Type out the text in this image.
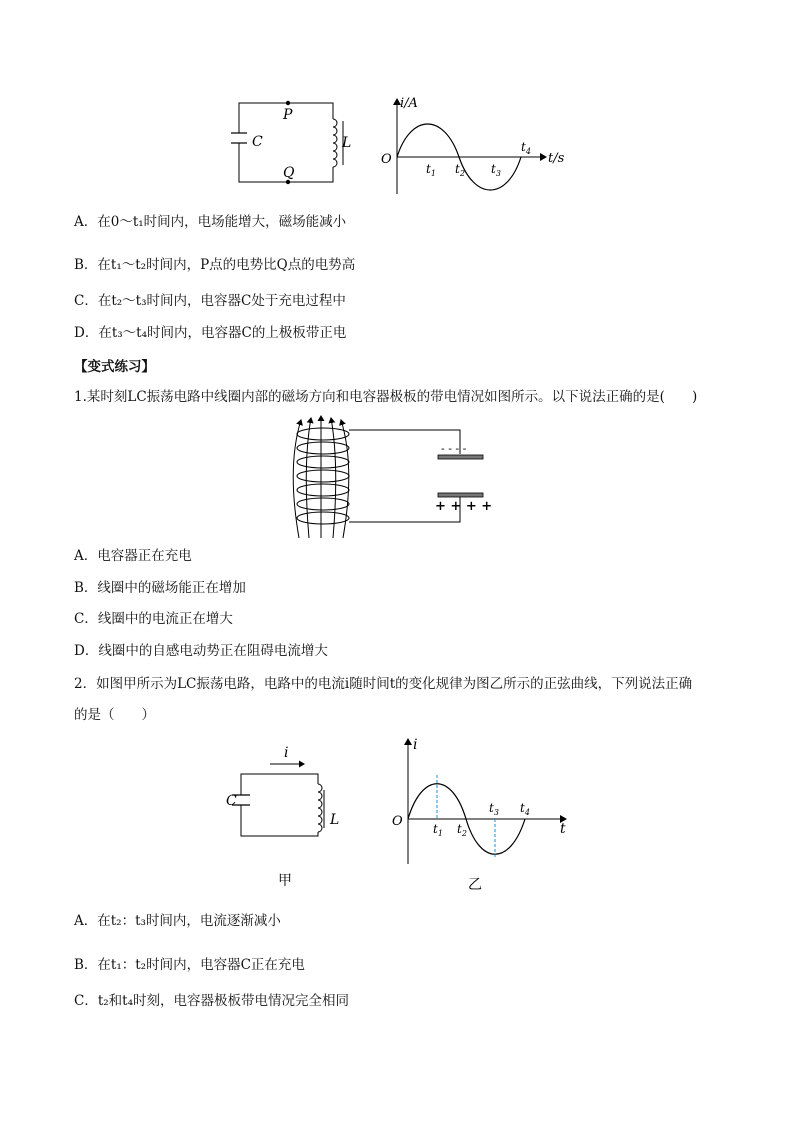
C
P
Q
L
i/A
O	t/s
$t_1$ $t_2$ $t_3$
$t_4$
A．在0～t₁时间内，电场能增大，磁场能减小
B．在t₁～t₂时间内，P点的电势比Q点的电势高
C．在t₂～t₃时间内，电容器C处于充电过程中
D．在t₃～t₄时间内，电容器C的上极板带正电
【变式练习】
1.某时刻LC振荡电路中线圈内部的磁场方向和电容器极板的带电情况如图所示。以下说法正确的是(　　)
- - - -
+ + + +
A．电容器正在充电
B．线圈中的磁场能正在增加
C．线圈中的电流正在增大
D．线圈中的自感电动势正在阻碍电流增大
2．如图甲所示为LC振荡电路，电路中的电流i随时间t的变化规律为图乙所示的正弦曲线，下列说法正确
的是（　　）
i
C
L
甲
i
O	t
$t_1$ $t_2$
$t_3$ $t_4$
乙
A．在t₂：t₃时间内，电流逐渐减小
B．在t₁：t₂时间内，电容器C正在充电
C．t₂和t₄时刻，电容器极板带电情况完全相同
